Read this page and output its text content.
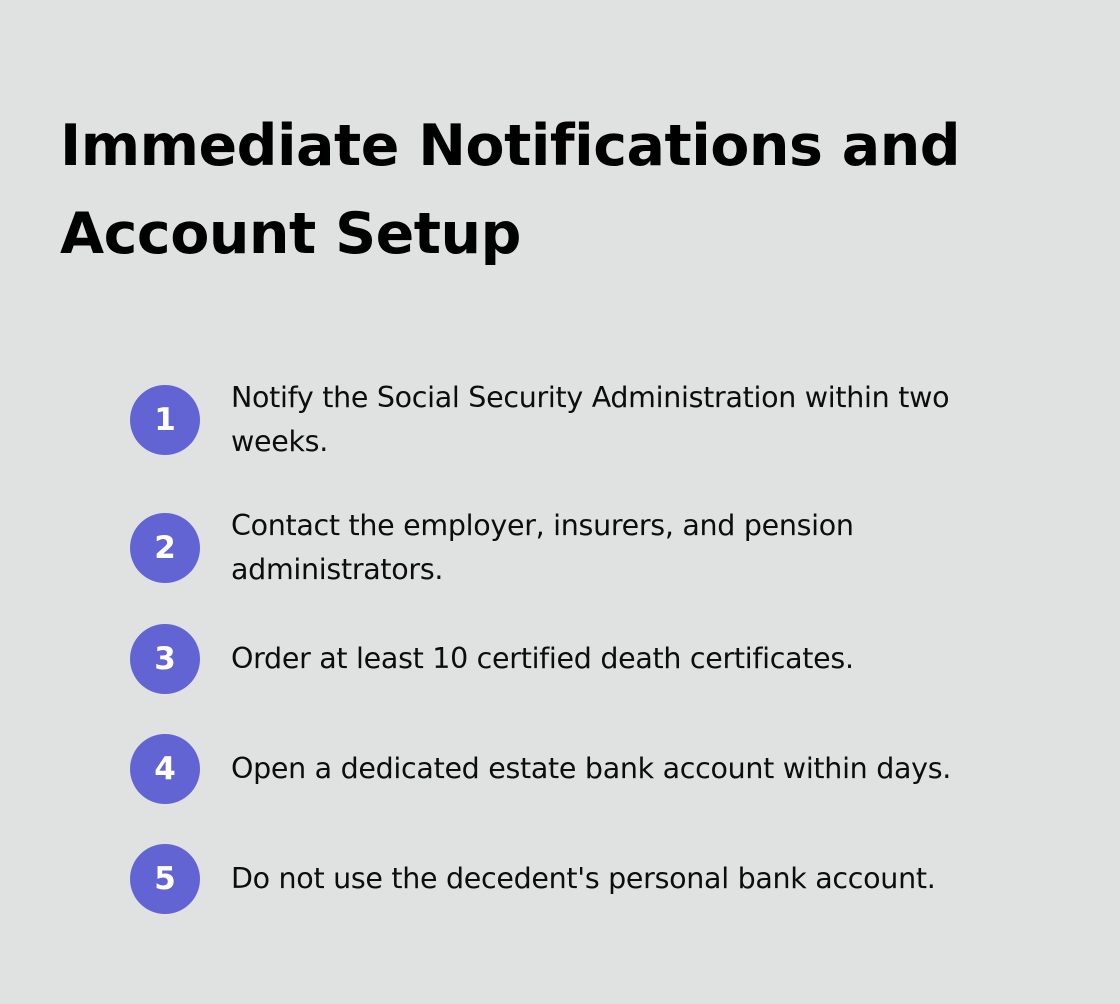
Immediate Notifications and Account Setup
1
Notify the Social Security Administration within two weeks.
2
Contact the employer, insurers, and pension administrators.
3	Order at least 10 certified death certificates.
4	Open a dedicated estate bank account within days.
5	Do not use the decedent's personal bank account.
